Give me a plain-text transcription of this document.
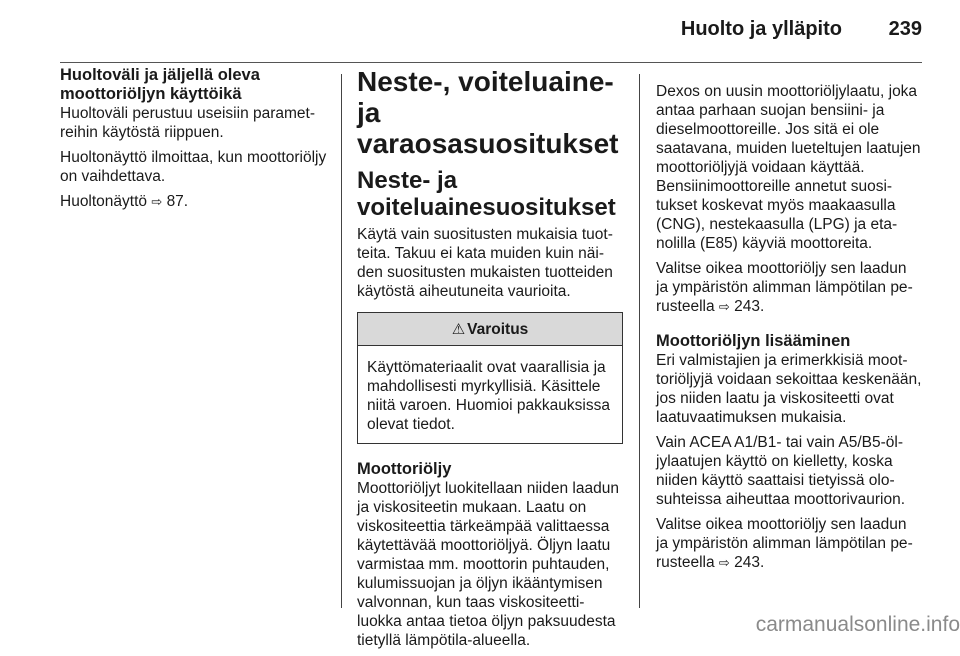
Huolto ja ylläpito 239
Huoltoväli ja jäljellä oleva moottoriöljyn käyttöikä

Huoltoväli perustuu useisiin parametreihin käytöstä riippuen.

Huoltonäyttö ilmoittaa, kun moottoriöljy on vaihdettava.

Huoltonäyttö ⇨ 87.

Neste-, voiteluaine- ja varaosasuositukset
Neste- ja voiteluainesuositukset

Käytä vain suositusten mukaisia tuotteita. Takuu ei kata muiden kuin näiden suositusten mukaisten tuotteiden käytöstä aiheutuneita vaurioita.

⚠ Varoitus
Käyttömateriaalit ovat vaarallisia ja mahdollisesti myrkyllisiä. Käsittele niitä varoen. Huomioi pakkauksissa olevat tiedot.
Moottoriöljy

Moottoriöljyt luokitellaan niiden laadun ja viskositeetin mukaan. Laatu on viskositeettia tärkeämpää valittaessa käytettävää moottoriöljyä. Öljyn laatu varmistaa mm. moottorin puhtauden, kulumissuojan ja öljyn ikääntymisen valvonnan, kun taas viskositeettiluokka antaa tietoa öljyn paksuudesta tietyllä lämpötila-alueella.

Dexos on uusin moottoriöljylaatu, joka antaa parhaan suojan bensiini- ja dieselmoottoreille. Jos sitä ei ole saatavana, muiden lueteltujen laatujen moottoriöljyjä voidaan käyttää. Bensiinimoottoreille annetut suositukset koskevat myös maakaasulla (CNG), nestekaasulla (LPG) ja etanolilla (E85) käyviä moottoreita.

Valitse oikea moottoriöljy sen laadun ja ympäristön alimman lämpötilan perusteella ⇨ 243.

Moottoriöljyn lisääminen

Eri valmistajien ja erimerkkisiä moottoriöljyjä voidaan sekoittaa keskenään, jos niiden laatu ja viskositeetti ovat laatuvaatimuksen mukaisia.

Vain ACEA A1/B1- tai vain A5/B5-öljylaatujen käyttö on kielletty, koska niiden käyttö saattaisi tietyissä olosuhteissa aiheuttaa moottorivaurion.

Valitse oikea moottoriöljy sen laadun ja ympäristön alimman lämpötilan perusteella ⇨ 243.

carmanualsonline.info
